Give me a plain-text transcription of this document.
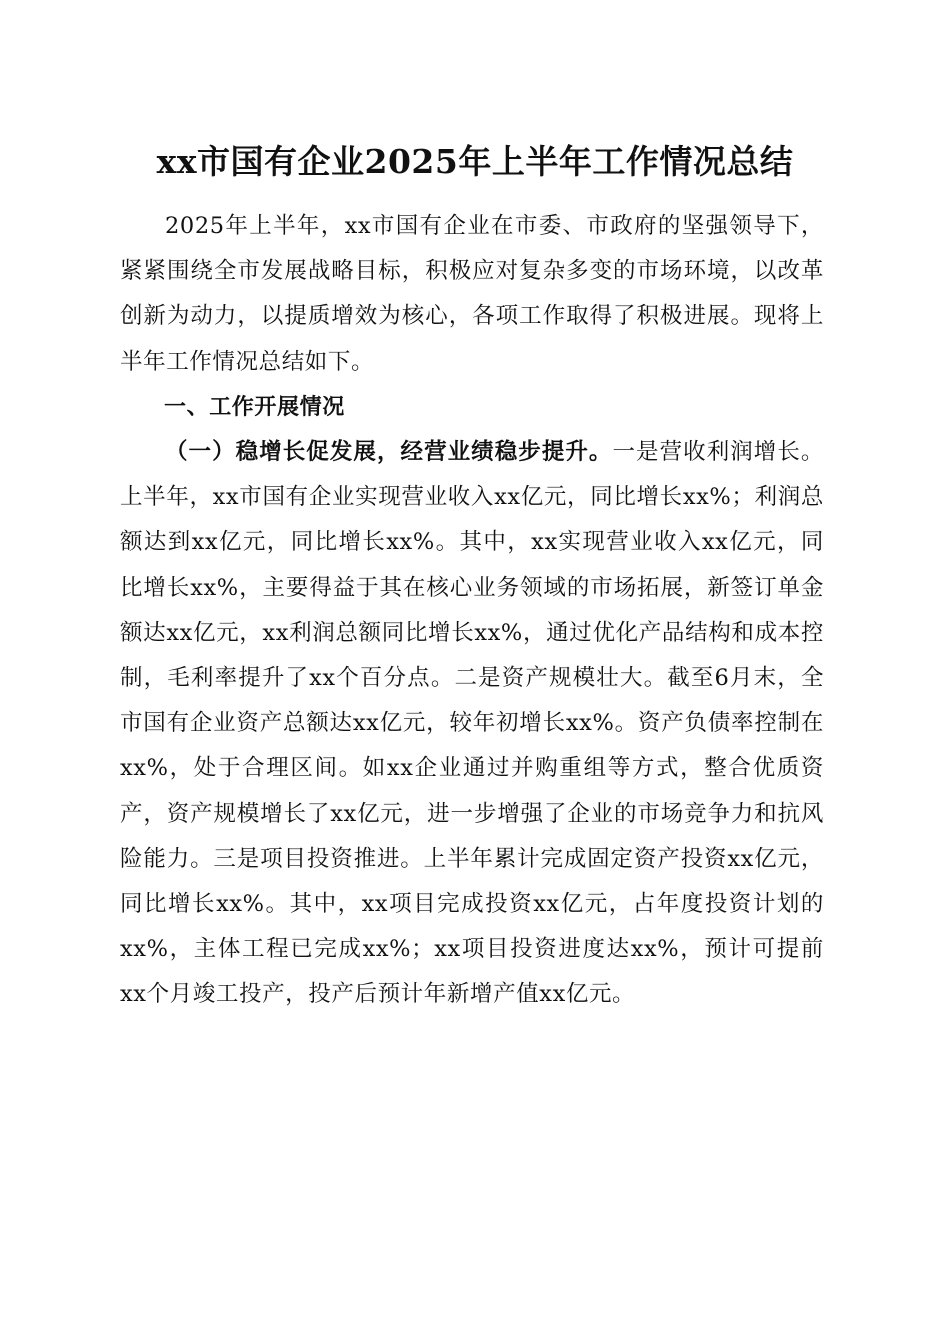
xx市国有企业2025年上半年工作情况总结

2025年上半年，xx市国有企业在市委、市政府的坚强领导下，紧紧围绕全市发展战略目标，积极应对复杂多变的市场环境，以改革创新为动力，以提质增效为核心，各项工作取得了积极进展。现将上半年工作情况总结如下。

一、工作开展情况

（一）稳增长促发展，经营业绩稳步提升。一是营收利润增长。上半年，xx市国有企业实现营业收入xx亿元，同比增长xx%；利润总额达到xx亿元，同比增长xx%。其中，xx实现营业收入xx亿元，同比增长xx%，主要得益于其在核心业务领域的市场拓展，新签订单金额达xx亿元，xx利润总额同比增长xx%，通过优化产品结构和成本控制，毛利率提升了xx个百分点。二是资产规模壮大。截至6月末，全市国有企业资产总额达xx亿元，较年初增长xx%。资产负债率控制在xx%，处于合理区间。如xx企业通过并购重组等方式，整合优质资产，资产规模增长了xx亿元，进一步增强了企业的市场竞争力和抗风险能力。三是项目投资推进。上半年累计完成固定资产投资xx亿元，同比增长xx%。其中，xx项目完成投资xx亿元，占年度投资计划的xx%，主体工程已完成xx%；xx项目投资进度达xx%，预计可提前xx个月竣工投产，投产后预计年新增产值xx亿元。
